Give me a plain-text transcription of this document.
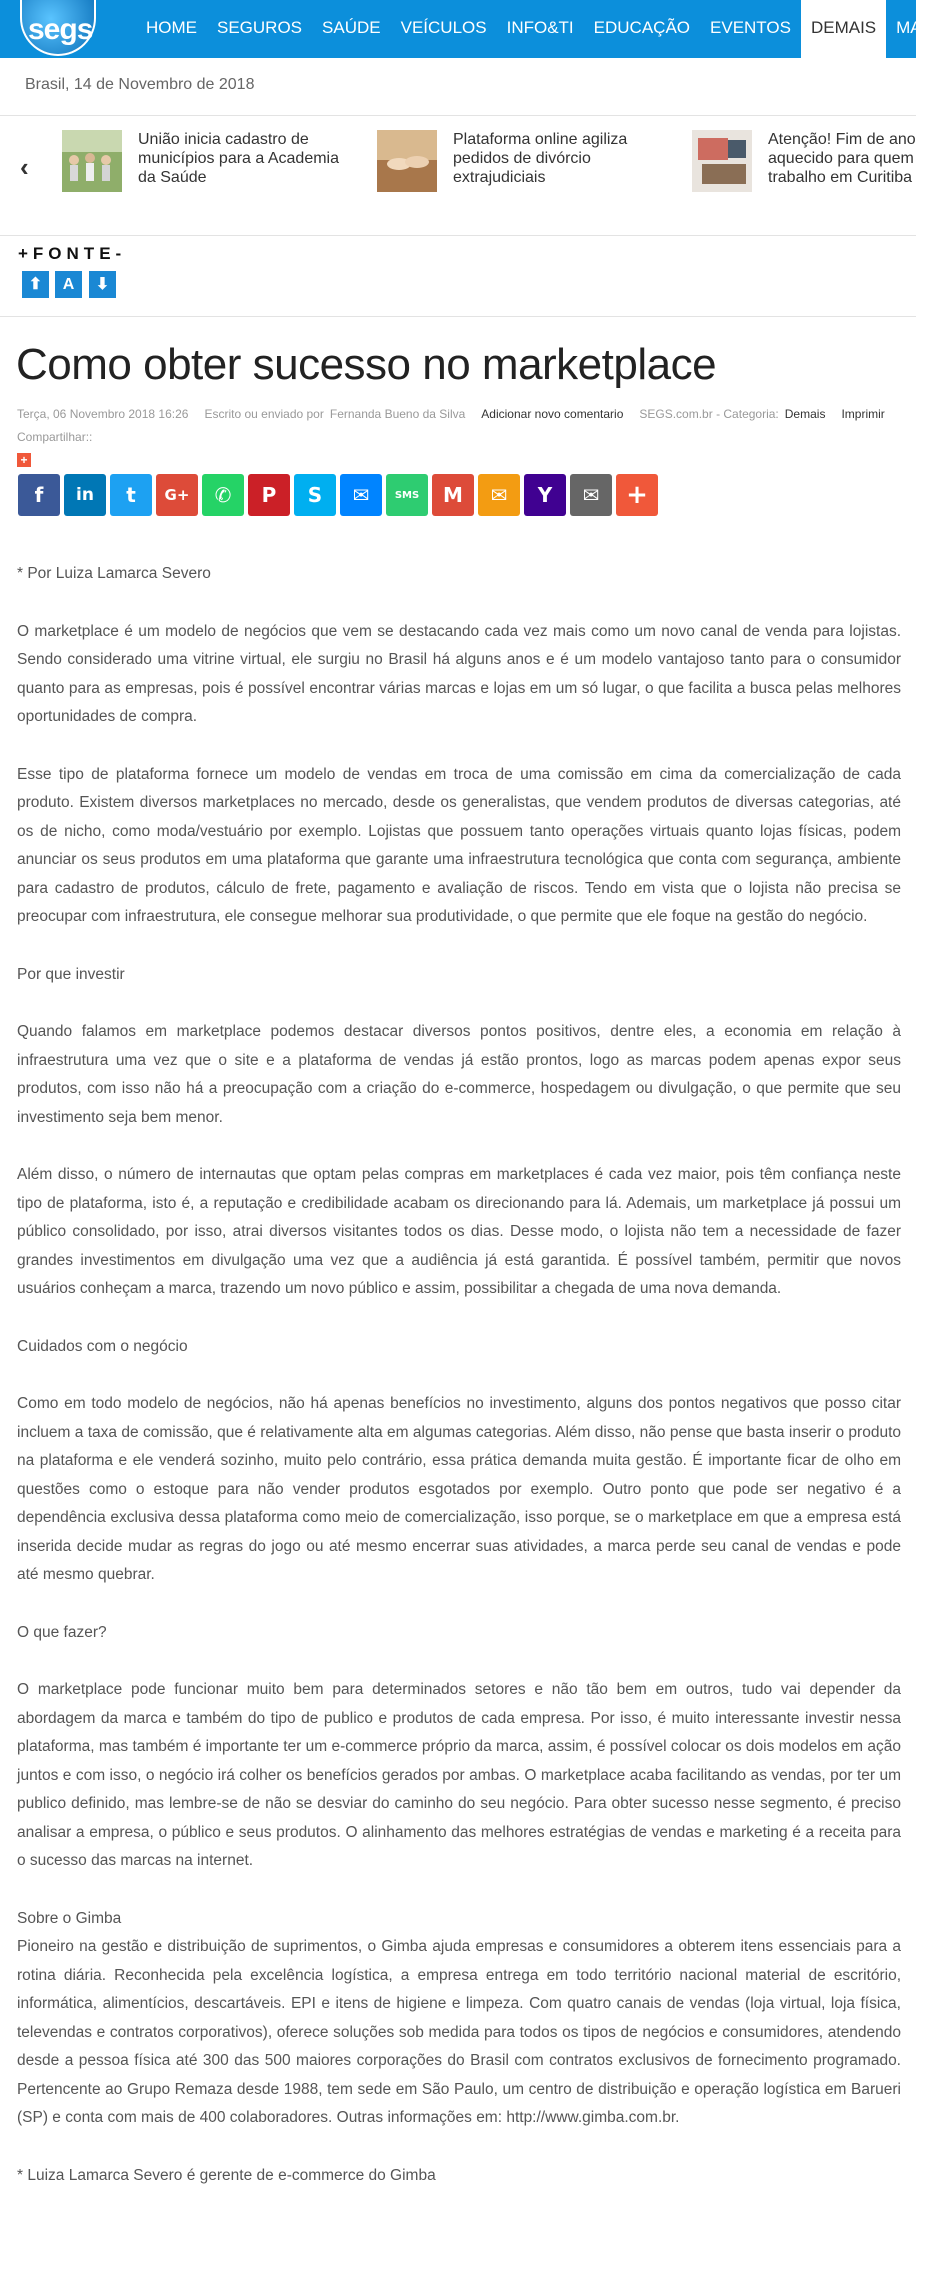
segs	HOME	SEGUROS	SAÚDE	VEÍCULOS	INFO&TI	EDUCAÇÃO	EVENTOS	DEMAIS	MAIS
Brasil, 14 de Novembro de 2018
‹
União inicia cadastro de municípios para a Academia da Saúde
Plataforma online agiliza pedidos de divórcio extrajudiciais
Atenção! Fim de ano aquecido para quem trabalho em Curitiba
+FONTE-
⬆	A	⬇
Como obter sucesso no marketplace
Terça, 06 Novembro 2018 16:26 Escrito ou enviado por Fernanda Bueno da Silva Adicionar novo comentario SEGS.com.br - Categoria: Demais Imprimir
Compartilhar::
+
f	in	t	G+	✆	P	S	✉	SMS	M	✉	Y	✉	+

* Por Luiza Lamarca Severo

O marketplace é um modelo de negócios que vem se destacando cada vez mais como um novo canal de venda para lojistas. Sendo considerado uma vitrine virtual, ele surgiu no Brasil há alguns anos e é um modelo vantajoso tanto para o consumidor quanto para as empresas, pois é possível encontrar várias marcas e lojas em um só lugar, o que facilita a busca pelas melhores oportunidades de compra.

Esse tipo de plataforma fornece um modelo de vendas em troca de uma comissão em cima da comercialização de cada produto. Existem diversos marketplaces no mercado, desde os generalistas, que vendem produtos de diversas categorias, até os de nicho, como moda/vestuário por exemplo. Lojistas que possuem tanto operações virtuais quanto lojas físicas, podem anunciar os seus produtos em uma plataforma que garante uma infraestrutura tecnológica que conta com segurança, ambiente para cadastro de produtos, cálculo de frete, pagamento e avaliação de riscos. Tendo em vista que o lojista não precisa se preocupar com infraestrutura, ele consegue melhorar sua produtividade, o que permite que ele foque na gestão do negócio.

Por que investir

Quando falamos em marketplace podemos destacar diversos pontos positivos, dentre eles, a economia em relação à infraestrutura uma vez que o site e a plataforma de vendas já estão prontos, logo as marcas podem apenas expor seus produtos, com isso não há a preocupação com a criação do e-commerce, hospedagem ou divulgação, o que permite que seu investimento seja bem menor.

Além disso, o número de internautas que optam pelas compras em marketplaces é cada vez maior, pois têm confiança neste tipo de plataforma, isto é, a reputação e credibilidade acabam os direcionando para lá. Ademais, um marketplace já possui um público consolidado, por isso, atrai diversos visitantes todos os dias. Desse modo, o lojista não tem a necessidade de fazer grandes investimentos em divulgação uma vez que a audiência já está garantida. É possível também, permitir que novos usuários conheçam a marca, trazendo um novo público e assim, possibilitar a chegada de uma nova demanda.

Cuidados com o negócio

Como em todo modelo de negócios, não há apenas benefícios no investimento, alguns dos pontos negativos que posso citar incluem a taxa de comissão, que é relativamente alta em algumas categorias. Além disso, não pense que basta inserir o produto na plataforma e ele venderá sozinho, muito pelo contrário, essa prática demanda muita gestão. É importante ficar de olho em questões como o estoque para não vender produtos esgotados por exemplo. Outro ponto que pode ser negativo é a dependência exclusiva dessa plataforma como meio de comercialização, isso porque, se o marketplace em que a empresa está inserida decide mudar as regras do jogo ou até mesmo encerrar suas atividades, a marca perde seu canal de vendas e pode até mesmo quebrar.

O que fazer?

O marketplace pode funcionar muito bem para determinados setores e não tão bem em outros, tudo vai depender da abordagem da marca e também do tipo de publico e produtos de cada empresa. Por isso, é muito interessante investir nessa plataforma, mas também é importante ter um e-commerce próprio da marca, assim, é possível colocar os dois modelos em ação juntos e com isso, o negócio irá colher os benefícios gerados por ambas. O marketplace acaba facilitando as vendas, por ter um publico definido, mas lembre-se de não se desviar do caminho do seu negócio. Para obter sucesso nesse segmento, é preciso analisar a empresa, o público e seus produtos. O alinhamento das melhores estratégias de vendas e marketing é a receita para o sucesso das marcas na internet.

Sobre o Gimba

Pioneiro na gestão e distribuição de suprimentos, o Gimba ajuda empresas e consumidores a obterem itens essenciais para a rotina diária. Reconhecida pela excelência logística, a empresa entrega em todo território nacional material de escritório, informática, alimentícios, descartáveis. EPI e itens de higiene e limpeza. Com quatro canais de vendas (loja virtual, loja física, televendas e contratos corporativos), oferece soluções sob medida para todos os tipos de negócios e consumidores, atendendo desde a pessoa física até 300 das 500 maiores corporações do Brasil com contratos exclusivos de fornecimento programado. Pertencente ao Grupo Remaza desde 1988, tem sede em São Paulo, um centro de distribuição e operação logística em Barueri (SP) e conta com mais de 400 colaboradores. Outras informações em: http://www.gimba.com.br.

* Luiza Lamarca Severo é gerente de e-commerce do Gimba
